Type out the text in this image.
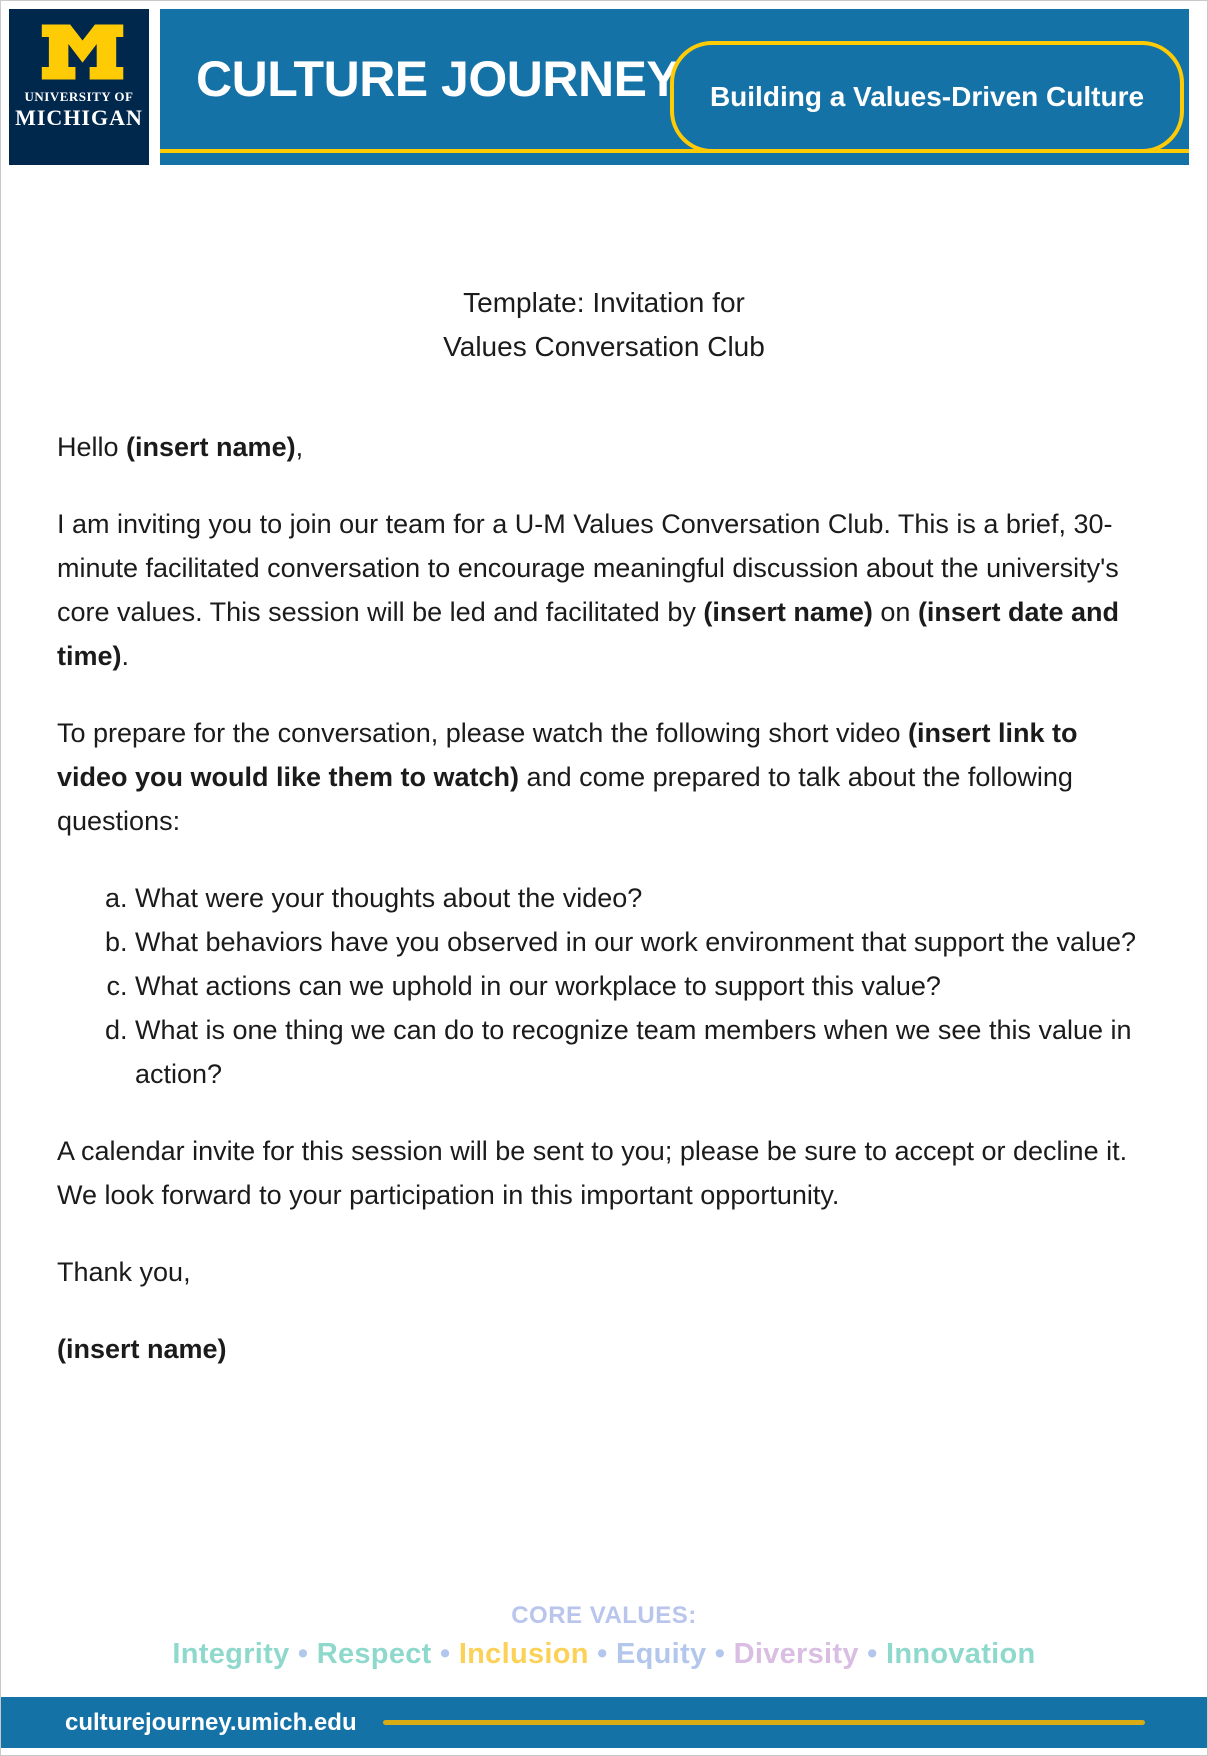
UNIVERSITY OF
MICHIGAN
CULTURE JOURNEY Building a Values-Driven Culture
Template: Invitation for
Values Conversation Club

Hello (insert name),

I am inviting you to join our team for a U-M Values Conversation Club. This is a brief, 30-minute facilitated conversation to encourage meaningful discussion about the university's core values. This session will be led and facilitated by (insert name) on (insert date and time).

To prepare for the conversation, please watch the following short video (insert link to video you would like them to watch) and come prepared to talk about the following questions:

a. What were your thoughts about the video?
b. What behaviors have you observed in our work environment that support the value?
c. What actions can we uphold in our workplace to support this value?
d. What is one thing we can do to recognize team members when we see this value in action?

A calendar invite for this session will be sent to you; please be sure to accept or decline it. We look forward to your participation in this important opportunity.

Thank you,

(insert name)

CORE VALUES:
Integrity • Respect • Inclusion • Equity • Diversity • Innovation
culturejourney.umich.edu
